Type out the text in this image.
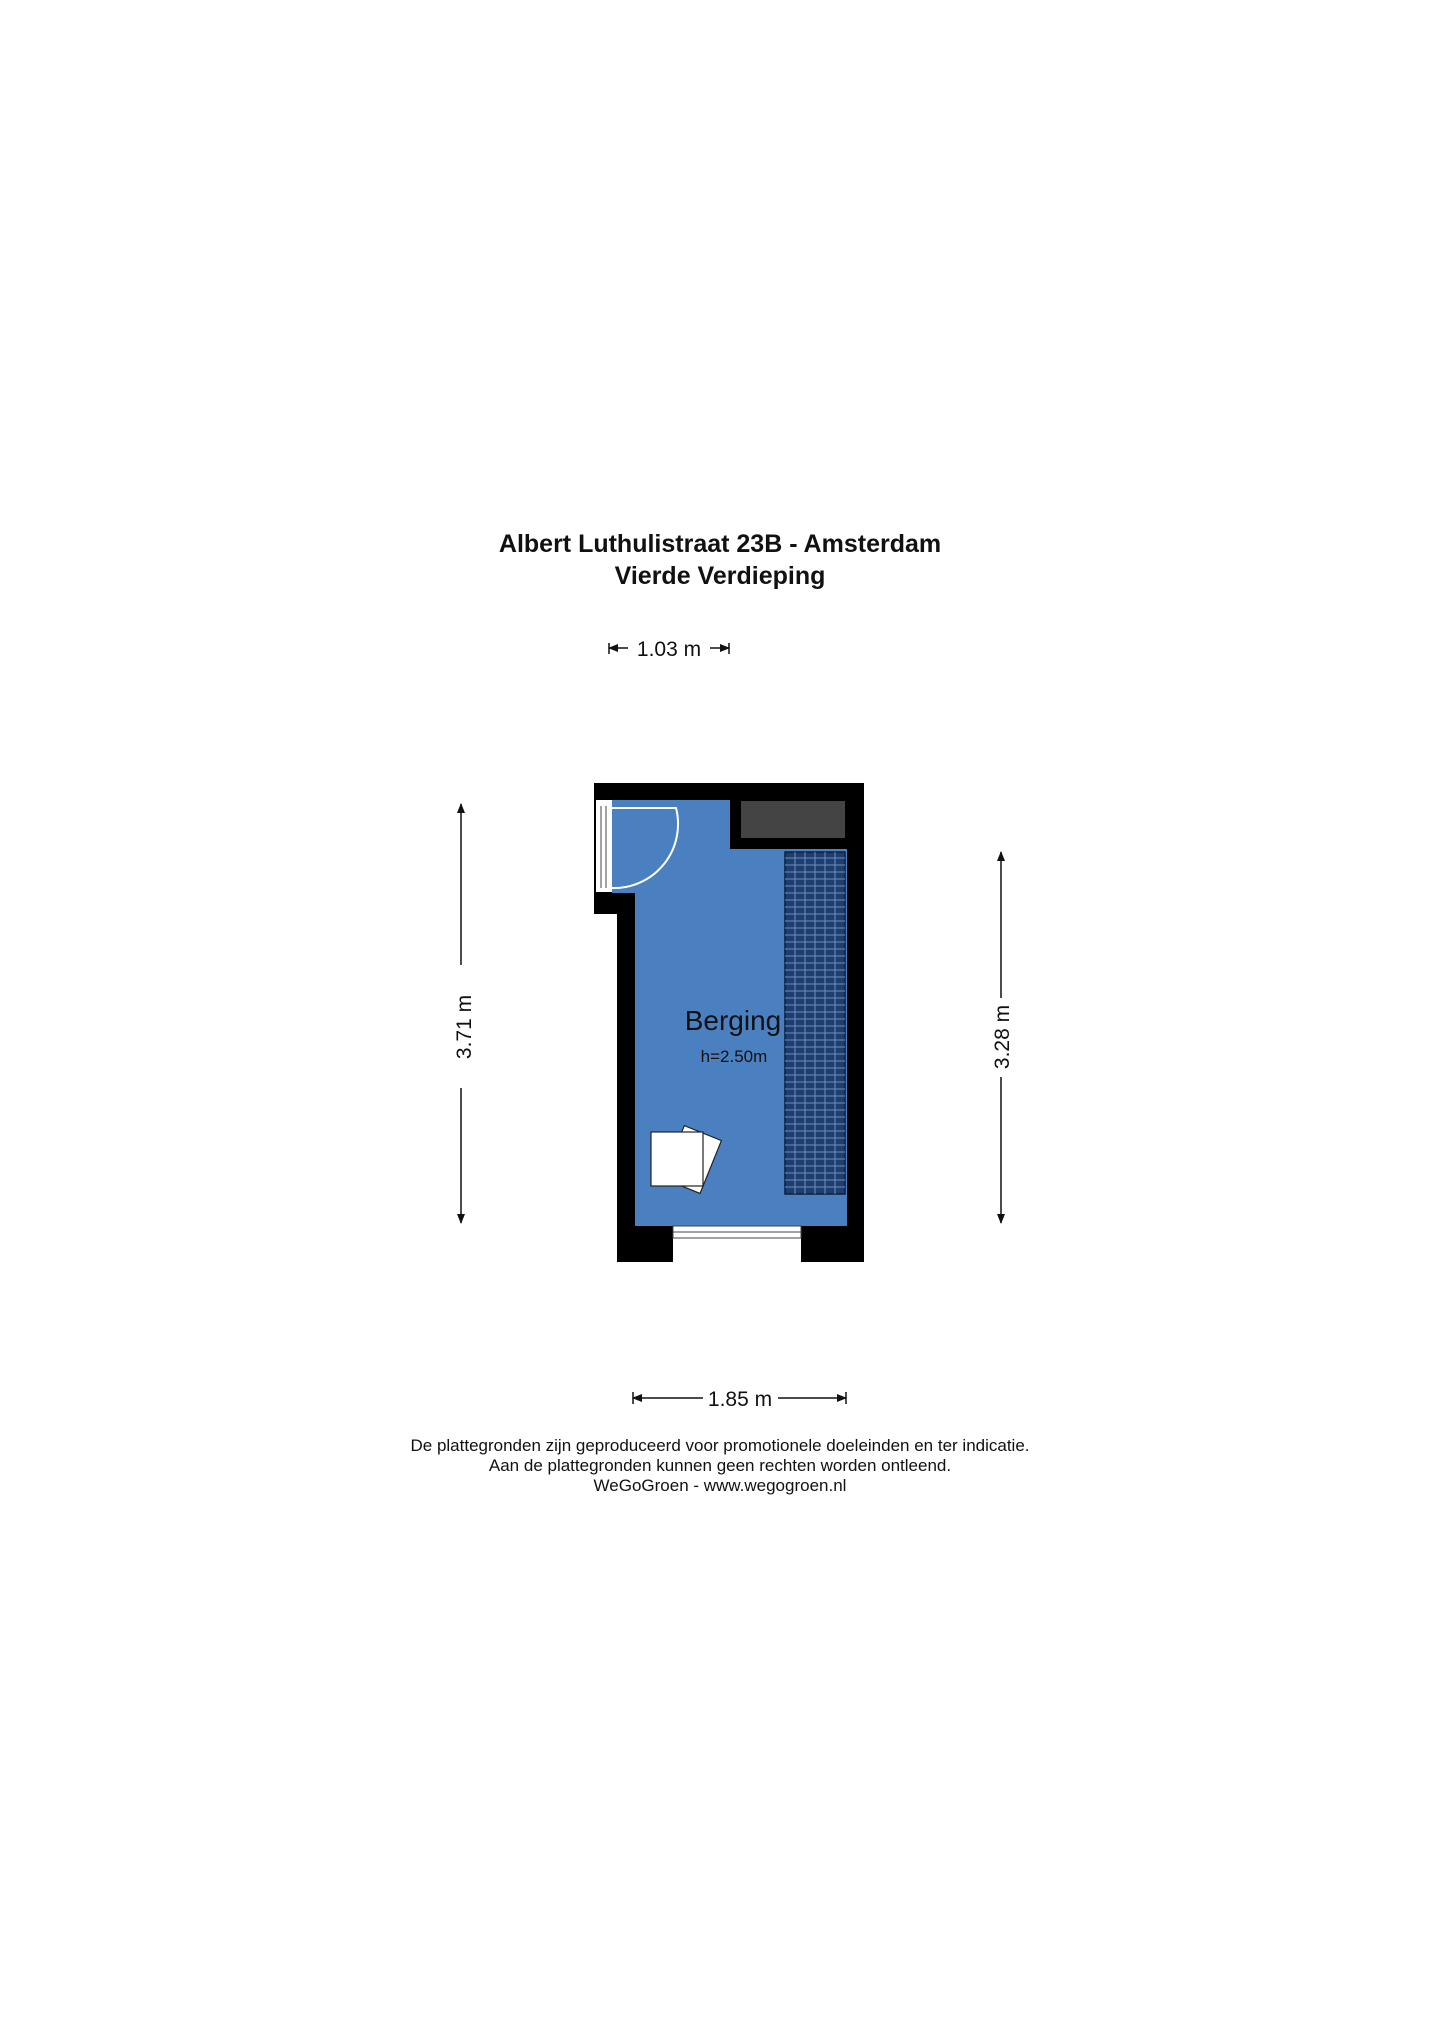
Albert Luthulistraat 23B - Amsterdam
Vierde Verdieping
1.03 m
3.71 m	3.28 m
1.85 m
Berging
h=2.50m
De plattegronden zijn geproduceerd voor promotionele doeleinden en ter indicatie.
Aan de plattegronden kunnen geen rechten worden ontleend.
WeGoGroen - www.wegogroen.nl
